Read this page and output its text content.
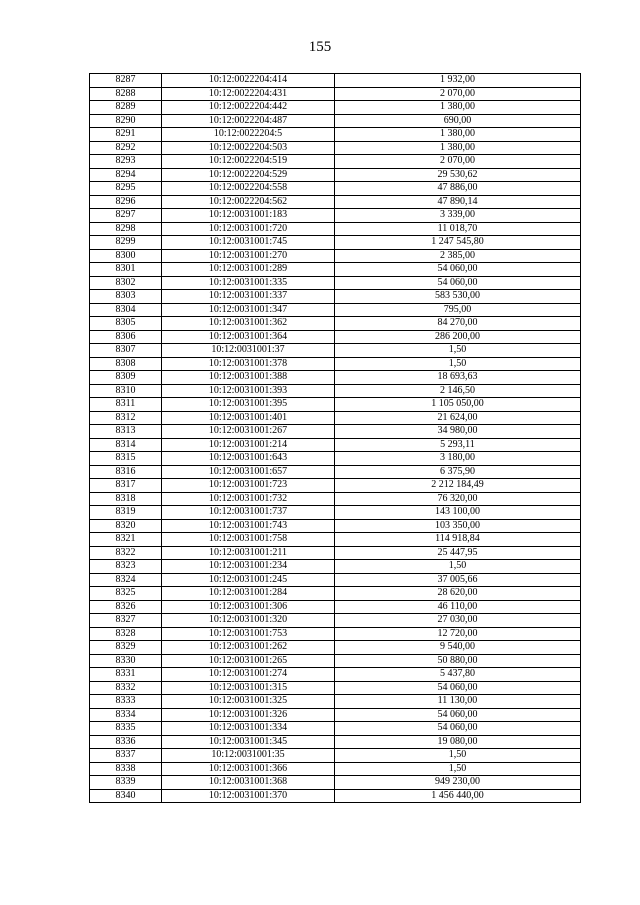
155
8287	10:12:0022204:414	1 932,00
8288	10:12:0022204:431	2 070,00
8289	10:12:0022204:442	1 380,00
8290	10:12:0022204:487	690,00
8291	10:12:0022204:5	1 380,00
8292	10:12:0022204:503	1 380,00
8293	10:12:0022204:519	2 070,00
8294	10:12:0022204:529	29 530,62
8295	10:12:0022204:558	47 886,00
8296	10:12:0022204:562	47 890,14
8297	10:12:0031001:183	3 339,00
8298	10:12:0031001:720	11 018,70
8299	10:12:0031001:745	1 247 545,80
8300	10:12:0031001:270	2 385,00
8301	10:12:0031001:289	54 060,00
8302	10:12:0031001:335	54 060,00
8303	10:12:0031001:337	583 530,00
8304	10:12:0031001:347	795,00
8305	10:12:0031001:362	84 270,00
8306	10:12:0031001:364	286 200,00
8307	10:12:0031001:37	1,50
8308	10:12:0031001:378	1,50
8309	10:12:0031001:388	18 693,63
8310	10:12:0031001:393	2 146,50
8311	10:12:0031001:395	1 105 050,00
8312	10:12:0031001:401	21 624,00
8313	10:12:0031001:267	34 980,00
8314	10:12:0031001:214	5 293,11
8315	10:12:0031001:643	3 180,00
8316	10:12:0031001:657	6 375,90
8317	10:12:0031001:723	2 212 184,49
8318	10:12:0031001:732	76 320,00
8319	10:12:0031001:737	143 100,00
8320	10:12:0031001:743	103 350,00
8321	10:12:0031001:758	114 918,84
8322	10:12:0031001:211	25 447,95
8323	10:12:0031001:234	1,50
8324	10:12:0031001:245	37 005,66
8325	10:12:0031001:284	28 620,00
8326	10:12:0031001:306	46 110,00
8327	10:12:0031001:320	27 030,00
8328	10:12:0031001:753	12 720,00
8329	10:12:0031001:262	9 540,00
8330	10:12:0031001:265	50 880,00
8331	10:12:0031001:274	5 437,80
8332	10:12:0031001:315	54 060,00
8333	10:12:0031001:325	11 130,00
8334	10:12:0031001:326	54 060,00
8335	10:12:0031001:334	54 060,00
8336	10:12:0031001:345	19 080,00
8337	10:12:0031001:35	1,50
8338	10:12:0031001:366	1,50
8339	10:12:0031001:368	949 230,00
8340	10:12:0031001:370	1 456 440,00
